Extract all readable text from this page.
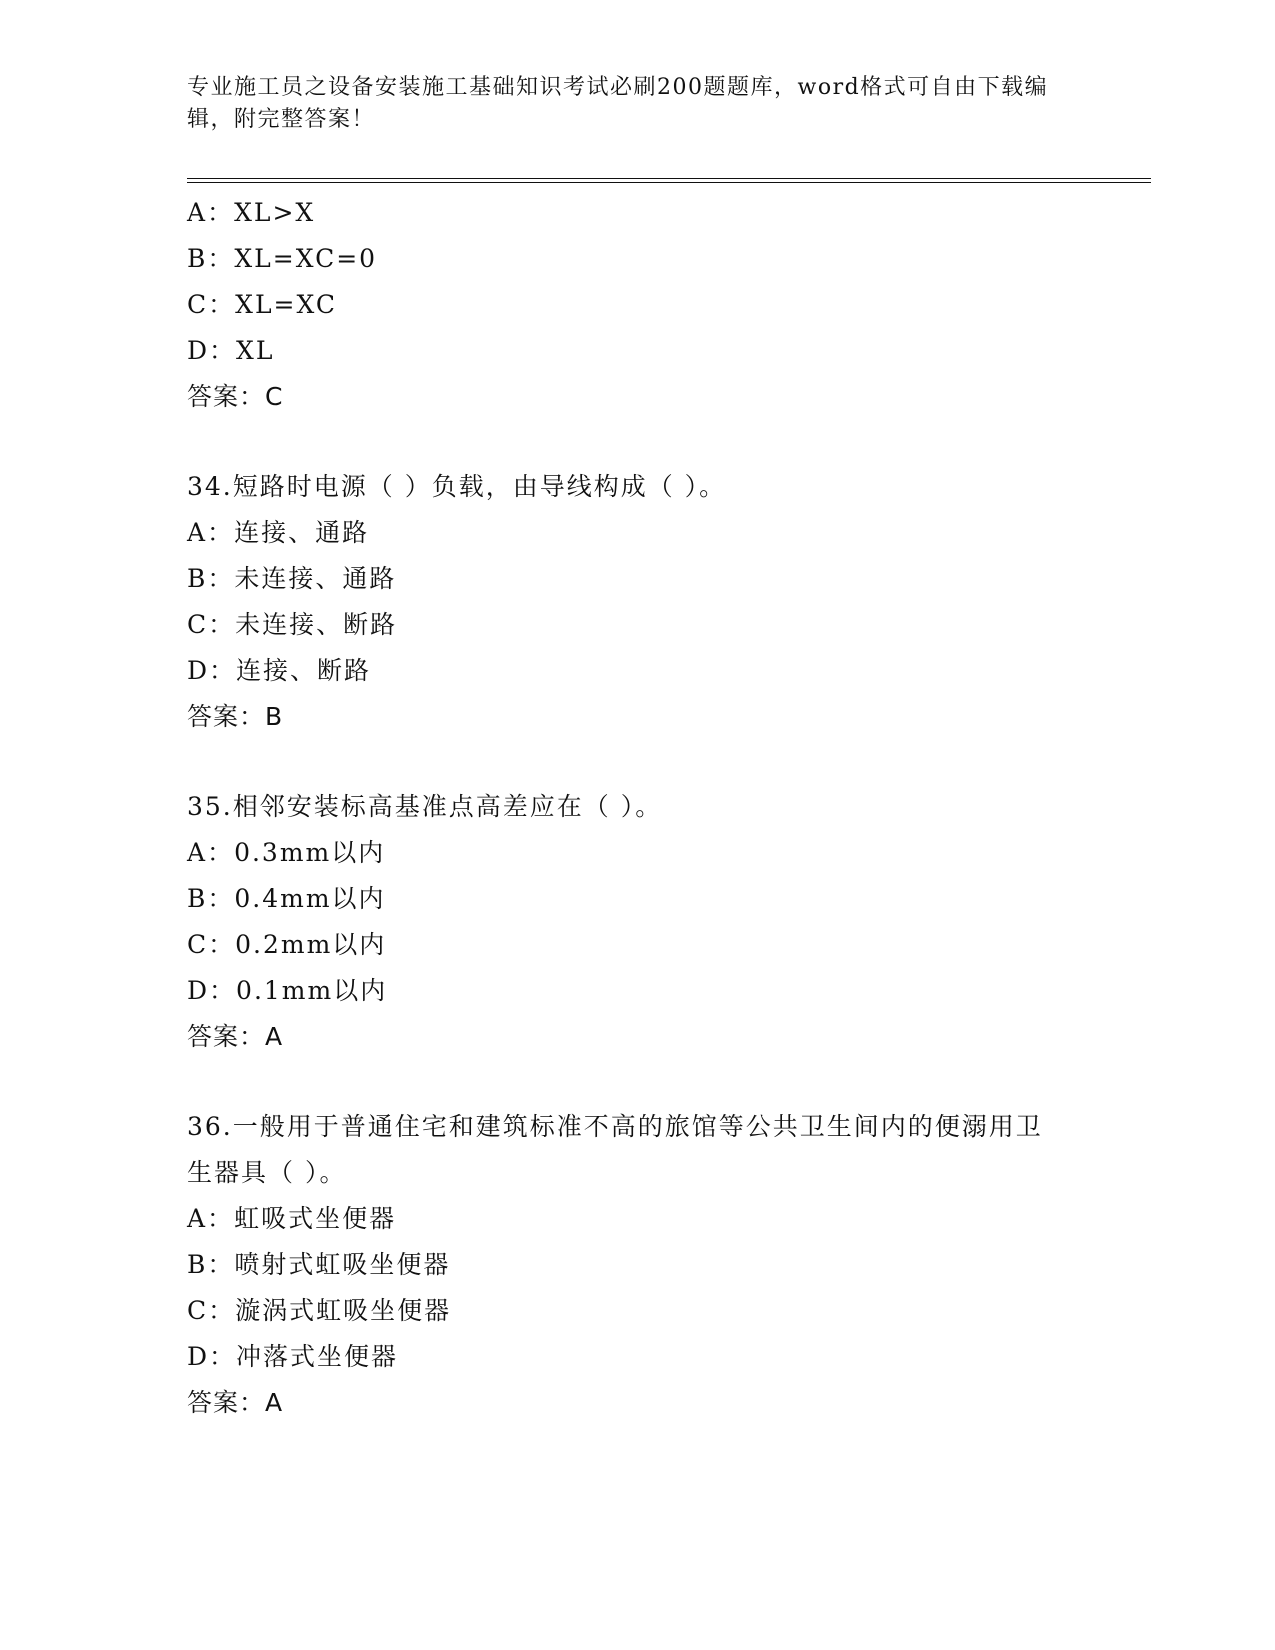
专业施工员之设备安装施工基础知识考试必刷200题题库，word格式可自由下载编辑，附完整答案！
A：XL>X
B：XL=XC=0
C：XL=XC
D：XL
答案：C
34.短路时电源（ ）负载，由导线构成（ ）。
A：连接、通路
B：未连接、通路
C：未连接、断路
D：连接、断路
答案：B
35.相邻安装标高基准点高差应在（ ）。
A：0.3mm以内
B：0.4mm以内
C：0.2mm以内
D：0.1mm以内
答案：A
36.一般用于普通住宅和建筑标准不高的旅馆等公共卫生间内的便溺用卫生器具（ ）。
A：虹吸式坐便器
B：喷射式虹吸坐便器
C：漩涡式虹吸坐便器
D：冲落式坐便器
答案：A
